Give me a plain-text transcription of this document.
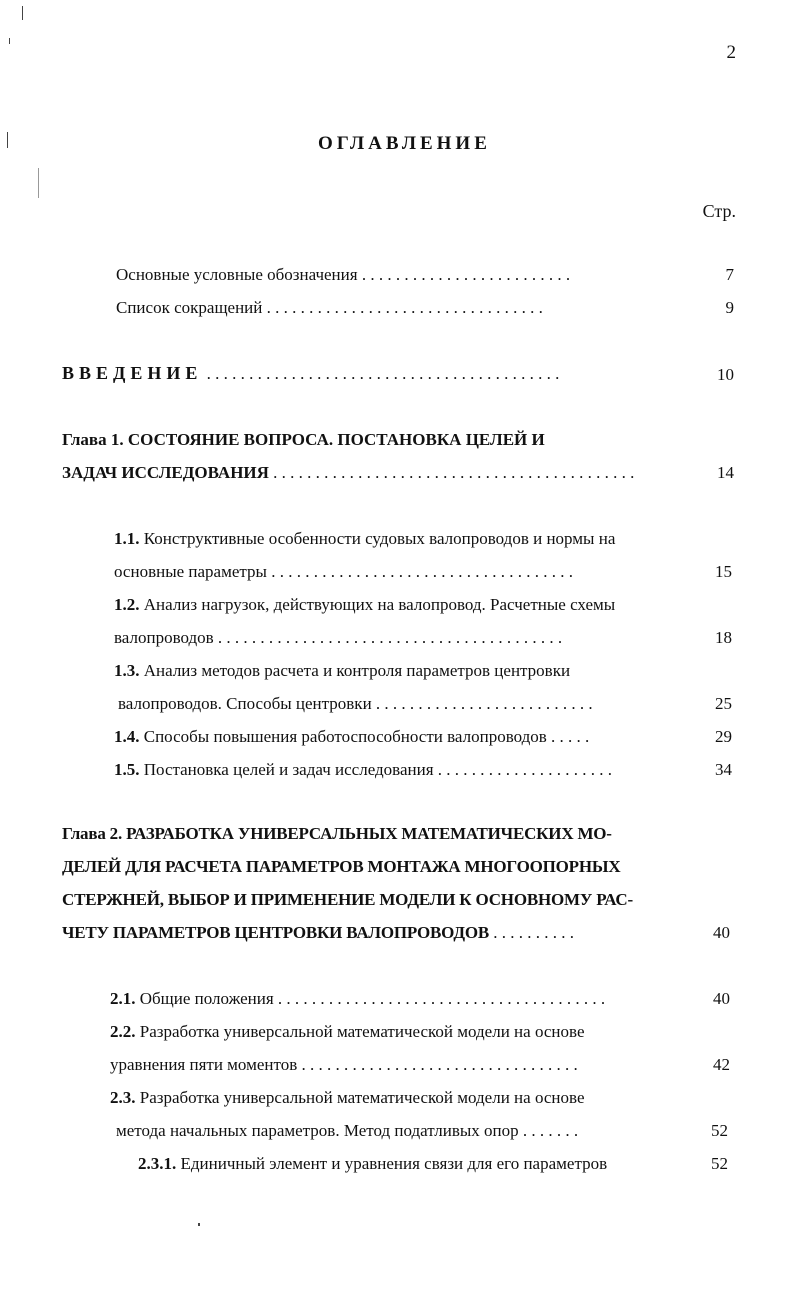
2
ОГЛАВЛЕНИЕ
Стр.
Основные условные обозначения . . . . . . . . . . . . . . . . . . . . . . . . .	7
Список сокращений . . . . . . . . . . . . . . . . . . . . . . . . . . . . . . . . .	9
ВВЕДЕНИЕ . . . . . . . . . . . . . . . . . . . . . . . . . . . . . . . . . . . . . . . . . .	10
Глава 1. СОСТОЯНИЕ ВОПРОСА. ПОСТАНОВКА ЦЕЛЕЙ И
ЗАДАЧ ИССЛЕДОВАНИЯ . . . . . . . . . . . . . . . . . . . . . . . . . . . . . . . . . . . . . . . . . . .	14
1.1. Конструктивные особенности судовых валопроводов и нормы на
основные параметры . . . . . . . . . . . . . . . . . . . . . . . . . . . . . . . . . . . .	15
1.2. Анализ нагрузок, действующих на валопровод. Расчетные схемы
валопроводов . . . . . . . . . . . . . . . . . . . . . . . . . . . . . . . . . . . . . . . . .	18
1.3. Анализ методов расчета и контроля параметров центровки
валопроводов. Способы центровки . . . . . . . . . . . . . . . . . . . . . . . . . .	25
1.4. Способы повышения работоспособности валопроводов . . . . .	29
1.5. Постановка целей и задач исследования . . . . . . . . . . . . . . . . . . . . .	34
Глава 2. РАЗРАБОТКА УНИВЕРСАЛЬНЫХ МАТЕМАТИЧЕСКИХ МО-
ДЕЛЕЙ ДЛЯ РАСЧЕТА ПАРАМЕТРОВ МОНТАЖА МНОГООПОРНЫХ
СТЕРЖНЕЙ, ВЫБОР И ПРИМЕНЕНИЕ МОДЕЛИ К ОСНОВНОМУ РАС-
ЧЕТУ ПАРАМЕТРОВ ЦЕНТРОВКИ ВАЛОПРОВОДОВ . . . . . . . . . .	40
2.1. Общие положения . . . . . . . . . . . . . . . . . . . . . . . . . . . . . . . . . . . . . . .	40
2.2. Разработка универсальной математической модели на основе
уравнения пяти моментов . . . . . . . . . . . . . . . . . . . . . . . . . . . . . . . . .	42
2.3. Разработка универсальной математической модели на основе
метода начальных параметров. Метод податливых опор . . . . . . .	52
2.3.1. Единичный элемент и уравнения связи для его параметров	52
